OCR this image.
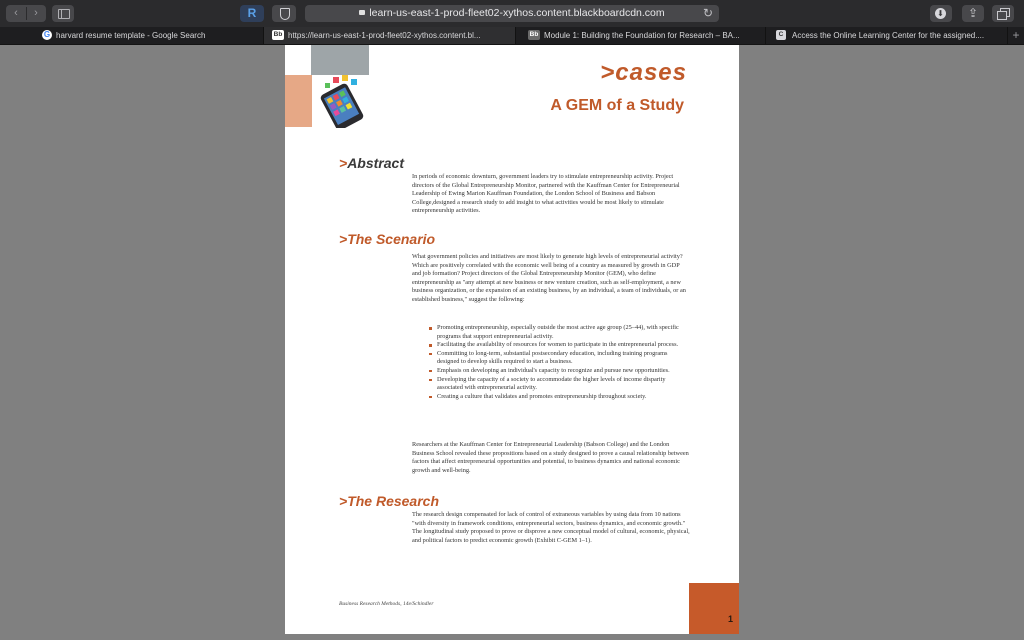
‹ ›	R	learn-us-east-1-prod-fleet02-xythos.content.blackboardcdn.com	↻	⬇	⇪
G harvard resume template - Google Search	Bb https://learn-us-east-1-prod-fleet02-xythos.content.bl...	Bb Module 1: Building the Foundation for Research – BA...	C	Access the Online Learning Center for the assigned....	+
>cases
A GEM of a Study
>Abstract
In periods of economic downturn, government leaders try to stimulate entrepreneurship activity. Project directors of the Global Entrepreneurship Monitor, partnered with the Kauffman Center for Entrepreneurial Leadership of Ewing Marion Kauffman Foundation, the London School of Business and Babson College,designed a research study to add insight to what activities would be most likely to stimulate entrepreneurship activities.
>The Scenario
What government policies and initiatives are most likely to generate high levels of entrepreneurial activity? Which are positively correlated with the economic well being of a country as measured by growth in GDP and job formation? Project directors of the Global Entrepreneurship Monitor (GEM), who define entrepreneurship as "any attempt at new business or new venture creation, such as self-employment, a new business organization, or the expansion of an existing business, by an individual, a team of individuals, or an established business," suggest the following:
Promoting entrepreneurship, especially outside the most active age group (25–44), with specific programs that support entrepreneurial activity.
Facilitating the availability of resources for women to participate in the entrepreneurial process.
Committing to long-term, substantial postsecondary education, including training programs designed to develop skills required to start a business.
Emphasis on developing an individual's capacity to recognize and pursue new opportunities.
Developing the capacity of a society to accommodate the higher levels of income disparity associated with entrepreneurial activity.
Creating a culture that validates and promotes entrepreneurship throughout society.
Researchers at the Kauffman Center for Entrepreneurial Leadership (Babson College) and the London Business School revealed these propositions based on a study designed to prove a causal relationship between factors that affect entrepreneurial opportunities and potential, to business dynamics and national economic growth and well-being.
>The Research
The research design compensated for lack of control of extraneous variables by using data from 10 nations "with diversity in framework conditions, entrepreneurial sectors, business dynamics, and economic growth." The longitudinal study proposed to prove or disprove a new conceptual model of cultural, economic, physical, and political factors to predict economic growth (Exhibit C-GEM 1–1).
Business Research Methods, 14e/Schindler
1
